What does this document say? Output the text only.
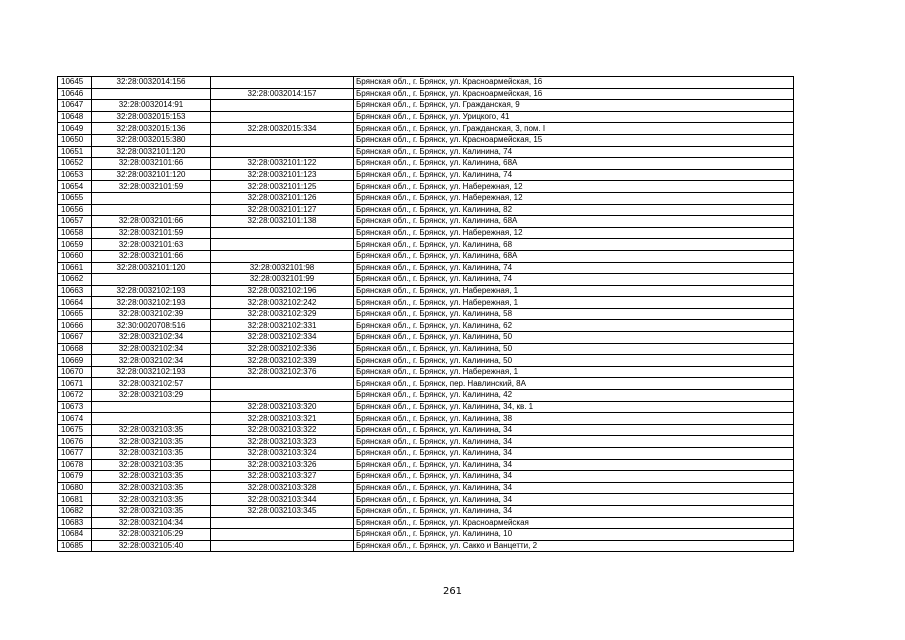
10645	32:28:0032014:156		Брянская обл., г. Брянск, ул. Красноармейская, 16
10646		32:28:0032014:157	Брянская обл., г. Брянск, ул. Красноармейская, 16
10647	32:28:0032014:91		Брянская обл., г. Брянск, ул. Гражданская, 9
10648	32:28:0032015:153		Брянская обл., г. Брянск, ул. Урицкого, 41
10649	32:28:0032015:136	32:28:0032015:334	Брянская обл., г. Брянск, ул. Гражданская, 3, пом. I
10650	32:28:0032015:380		Брянская обл., г. Брянск, ул. Красноармейская, 15
10651	32:28:0032101:120		Брянская обл., г. Брянск, ул. Калинина, 74
10652	32:28:0032101:66	32:28:0032101:122	Брянская обл., г. Брянск, ул. Калинина, 68А
10653	32:28:0032101:120	32:28:0032101:123	Брянская обл., г. Брянск, ул. Калинина, 74
10654	32:28:0032101:59	32:28:0032101:125	Брянская обл., г. Брянск, ул. Набережная, 12
10655		32:28:0032101:126	Брянская обл., г. Брянск, ул. Набережная, 12
10656		32:28:0032101:127	Брянская обл., г. Брянск, ул. Калинина, 82
10657	32:28:0032101:66	32:28:0032101:138	Брянская обл., г. Брянск, ул. Калинина, 68А
10658	32:28:0032101:59		Брянская обл., г. Брянск, ул. Набережная, 12
10659	32:28:0032101:63		Брянская обл., г. Брянск, ул. Калинина, 68
10660	32:28:0032101:66		Брянская обл., г. Брянск, ул. Калинина, 68А
10661	32:28:0032101:120	32:28:0032101:98	Брянская обл., г. Брянск, ул. Калинина, 74
10662		32:28:0032101:99	Брянская обл., г. Брянск, ул. Калинина, 74
10663	32:28:0032102:193	32:28:0032102:196	Брянская обл., г. Брянск, ул. Набережная, 1
10664	32:28:0032102:193	32:28:0032102:242	Брянская обл., г. Брянск, ул. Набережная, 1
10665	32:28:0032102:39	32:28:0032102:329	Брянская обл., г. Брянск, ул. Калинина, 58
10666	32:30:0020708:516	32:28:0032102:331	Брянская обл., г. Брянск, ул. Калинина, 62
10667	32:28:0032102:34	32:28:0032102:334	Брянская обл., г. Брянск, ул. Калинина, 50
10668	32:28:0032102:34	32:28:0032102:336	Брянская обл., г. Брянск, ул. Калинина, 50
10669	32:28:0032102:34	32:28:0032102:339	Брянская обл., г. Брянск, ул. Калинина, 50
10670	32:28:0032102:193	32:28:0032102:376	Брянская обл., г. Брянск, ул. Набережная, 1
10671	32:28:0032102:57		Брянская обл., г. Брянск, пер. Навлинский, 8А
10672	32:28:0032103:29		Брянская обл., г. Брянск, ул. Калинина, 42
10673		32:28:0032103:320	Брянская обл., г. Брянск, ул. Калинина, 34, кв. 1
10674		32:28:0032103:321	Брянская обл., г. Брянск, ул. Калинина, 38
10675	32:28:0032103:35	32:28:0032103:322	Брянская обл., г. Брянск, ул. Калинина, 34
10676	32:28:0032103:35	32:28:0032103:323	Брянская обл., г. Брянск, ул. Калинина, 34
10677	32:28:0032103:35	32:28:0032103:324	Брянская обл., г. Брянск, ул. Калинина, 34
10678	32:28:0032103:35	32:28:0032103:326	Брянская обл., г. Брянск, ул. Калинина, 34
10679	32:28:0032103:35	32:28:0032103:327	Брянская обл., г. Брянск, ул. Калинина, 34
10680	32:28:0032103:35	32:28:0032103:328	Брянская обл., г. Брянск, ул. Калинина, 34
10681	32:28:0032103:35	32:28:0032103:344	Брянская обл., г. Брянск, ул. Калинина, 34
10682	32:28:0032103:35	32:28:0032103:345	Брянская обл., г. Брянск, ул. Калинина, 34
10683	32:28:0032104:34		Брянская обл., г. Брянск, ул. Красноармейская
10684	32:28:0032105:29		Брянская обл., г. Брянск, ул. Калинина, 10
10685	32:28:0032105:40		Брянская обл., г. Брянск, ул. Сакко и Ванцетти, 2
261
